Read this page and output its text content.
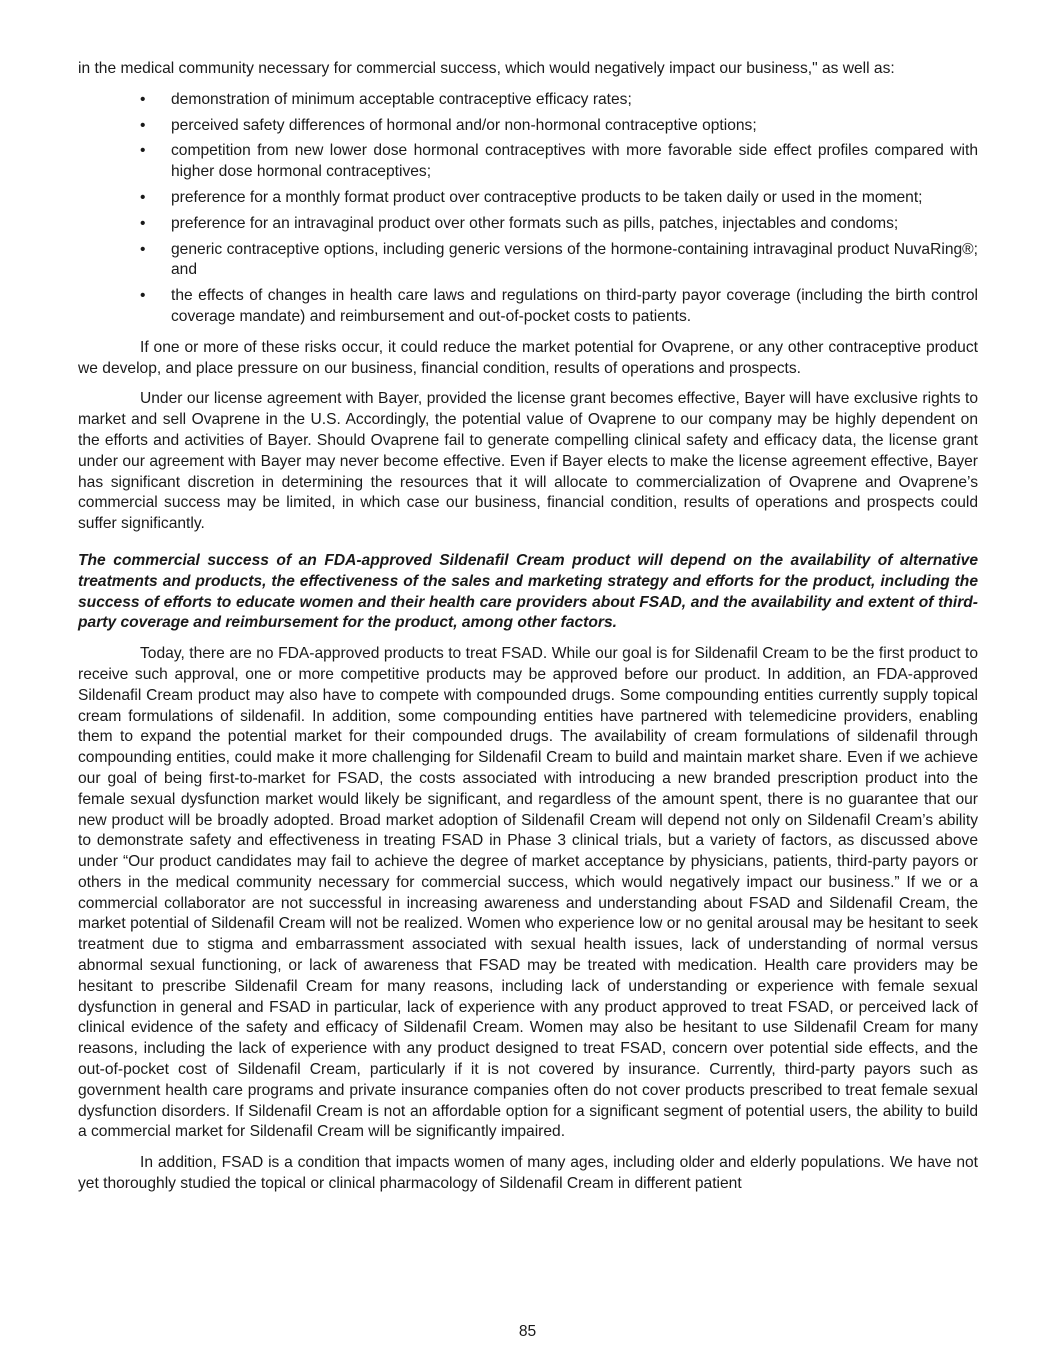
in the medical community necessary for commercial success, which would negatively impact our business," as well as:

• demonstration of minimum acceptable contraceptive efficacy rates;
• perceived safety differences of hormonal and/or non-hormonal contraceptive options;
• competition from new lower dose hormonal contraceptives with more favorable side effect profiles compared with higher dose hormonal contraceptives;
• preference for a monthly format product over contraceptive products to be taken daily or used in the moment;
• preference for an intravaginal product over other formats such as pills, patches, injectables and condoms;
• generic contraceptive options, including generic versions of the hormone-containing intravaginal product NuvaRing®; and
• the effects of changes in health care laws and regulations on third-party payor coverage (including the birth control coverage mandate) and reimbursement and out-of-pocket costs to patients.

If one or more of these risks occur, it could reduce the market potential for Ovaprene, or any other contraceptive product we develop, and place pressure on our business, financial condition, results of operations and prospects.

Under our license agreement with Bayer, provided the license grant becomes effective, Bayer will have exclusive rights to market and sell Ovaprene in the U.S. Accordingly, the potential value of Ovaprene to our company may be highly dependent on the efforts and activities of Bayer. Should Ovaprene fail to generate compelling clinical safety and efficacy data, the license grant under our agreement with Bayer may never become effective. Even if Bayer elects to make the license agreement effective, Bayer has significant discretion in determining the resources that it will allocate to commercialization of Ovaprene and Ovaprene’s commercial success may be limited, in which case our business, financial condition, results of operations and prospects could suffer significantly.

The commercial success of an FDA-approved Sildenafil Cream product will depend on the availability of alternative treatments and products, the effectiveness of the sales and marketing strategy and efforts for the product, including the success of efforts to educate women and their health care providers about FSAD, and the availability and extent of third-party coverage and reimbursement for the product, among other factors.

Today, there are no FDA-approved products to treat FSAD. While our goal is for Sildenafil Cream to be the first product to receive such approval, one or more competitive products may be approved before our product. In addition, an FDA-approved Sildenafil Cream product may also have to compete with compounded drugs. Some compounding entities currently supply topical cream formulations of sildenafil. In addition, some compounding entities have partnered with telemedicine providers, enabling them to expand the potential market for their compounded drugs. The availability of cream formulations of sildenafil through compounding entities, could make it more challenging for Sildenafil Cream to build and maintain market share. Even if we achieve our goal of being first-to-market for FSAD, the costs associated with introducing a new branded prescription product into the female sexual dysfunction market would likely be significant, and regardless of the amount spent, there is no guarantee that our new product will be broadly adopted. Broad market adoption of Sildenafil Cream will depend not only on Sildenafil Cream’s ability to demonstrate safety and effectiveness in treating FSAD in Phase 3 clinical trials, but a variety of factors, as discussed above under “Our product candidates may fail to achieve the degree of market acceptance by physicians, patients, third-party payors or others in the medical community necessary for commercial success, which would negatively impact our business.” If we or a commercial collaborator are not successful in increasing awareness and understanding about FSAD and Sildenafil Cream, the market potential of Sildenafil Cream will not be realized. Women who experience low or no genital arousal may be hesitant to seek treatment due to stigma and embarrassment associated with sexual health issues, lack of understanding of normal versus abnormal sexual functioning, or lack of awareness that FSAD may be treated with medication. Health care providers may be hesitant to prescribe Sildenafil Cream for many reasons, including lack of understanding or experience with female sexual dysfunction in general and FSAD in particular, lack of experience with any product approved to treat FSAD, or perceived lack of clinical evidence of the safety and efficacy of Sildenafil Cream. Women may also be hesitant to use Sildenafil Cream for many reasons, including the lack of experience with any product designed to treat FSAD, concern over potential side effects, and the out-of-pocket cost of Sildenafil Cream, particularly if it is not covered by insurance. Currently, third-party payors such as government health care programs and private insurance companies often do not cover products prescribed to treat female sexual dysfunction disorders. If Sildenafil Cream is not an affordable option for a significant segment of potential users, the ability to build a commercial market for Sildenafil Cream will be significantly impaired.

In addition, FSAD is a condition that impacts women of many ages, including older and elderly populations. We have not yet thoroughly studied the topical or clinical pharmacology of Sildenafil Cream in different patient

85
